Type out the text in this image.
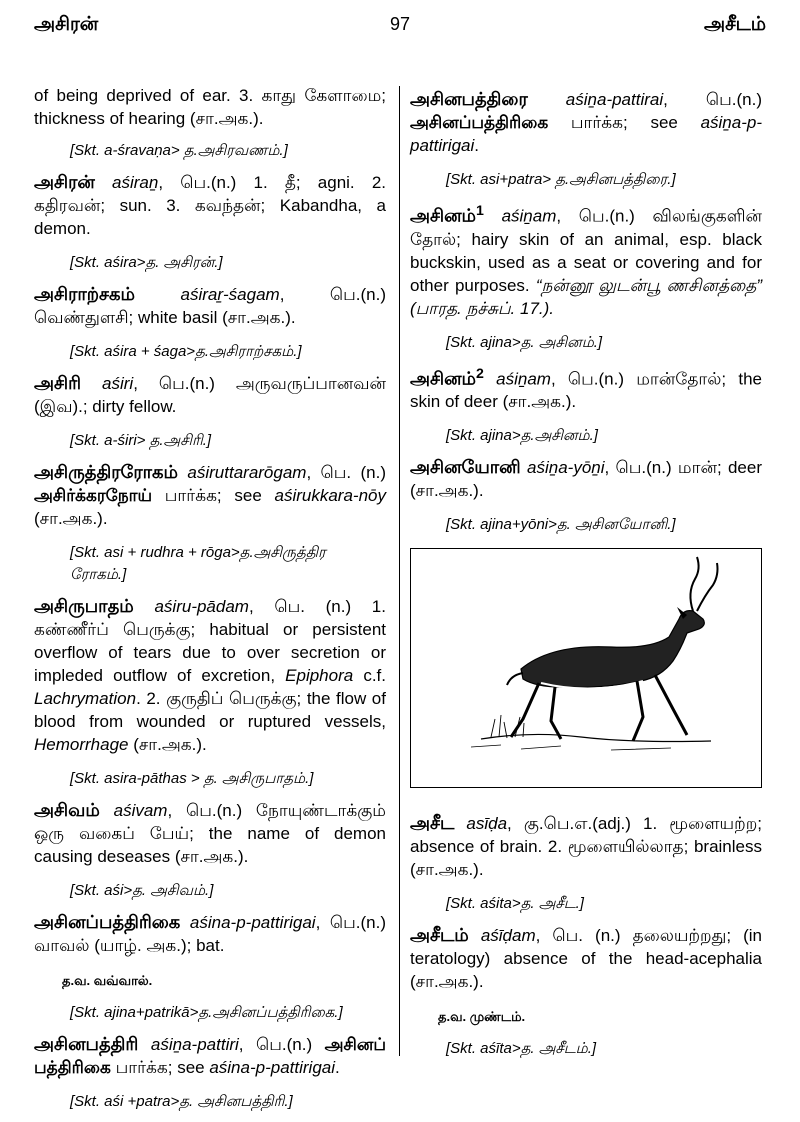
அசிரன்	97	அசீடம்
of being deprived of ear. 3. காது கேளாமை; thickness of hearing (சா.அக.).
[Skt. a-śravaṇa> த.அசிரவணம்.]
அசிரன் aśiraṉ, பெ.(n.) 1. தீ; agni. 2. கதிரவன்; sun. 3. கவந்தன்; Kabandha, a demon.
[Skt. aśira>த. அசிரன்.]
அசிராற்சகம்	aśiraṟ-śagam, பெ.(n.) வெண்துளசி; white basil (சா.அக.).
[Skt. aśira + śaga>த.அசிராற்சகம்.]
அசிரி aśiri, பெ.(n.) அருவருப்பானவன் (இவ).; dirty fellow.
[Skt. a-śiri> த.அசிரி.]
அசிருத்திரரோகம் aśiruttararōgam, பெ. (n.) அசிர்க்கரநோய் பார்க்க; see aśirukkara-nōy (சா.அக.).
[Skt. asi + rudhra + rōga>த.அசிருத்திர ரோகம்.]
அசிருபாதம் aśiru-pādam, பெ. (n.) 1. கண்ணீர்ப் பெருக்கு; habitual or persistent overflow of tears due to over secretion or impleded outflow of excretion, Epiphora c.f. Lachrymation. 2. குருதிப் பெருக்கு; the flow of blood from wounded or ruptured vessels, Hemorrhage (சா.அக.).
[Skt. asira-pāthas > த. அசிருபாதம்.]
அசிவம் aśivam, பெ.(n.) நோயுண்டாக்கும் ஒரு வகைப் பேய்; the name of demon causing deseases (சா.அக.).
[Skt. aśi>த. அசிவம்.]
அசினப்பத்திரிகை aśina-p-pattirigai, பெ.(n.) வாவல் (யாழ். அக.); bat.
த.வ. வவ்வால்.
[Skt. ajina+patrikā>த.அசினப்பத்திரிகை.]
அசினபத்திரி aśiṉa-pattiri, பெ.(n.) அசினப் பத்திரிகை பார்க்க; see aśina-p-pattirigai.
[Skt. aśi +patra>த. அசினபத்திரி.]
அசினபத்திரை aśiṉa-pattirai, பெ.(n.) அசினப்பத்திரிகை பார்க்க; see aśiṉa-p-pattirigai.
[Skt. asi+patra> த.அசினபத்திரை.]
அசினம்$^1$ aśiṉam, பெ.(n.) விலங்குகளின் தோல்; hairy skin of an animal, esp. black buckskin, used as a seat or covering and for other purposes. “நன்னூ லுடன்பூ ணசினத்தை” (பாரத. நச்சுப். 17.).
[Skt. ajina>த. அசினம்.]
அசினம்$^2$ aśiṉam, பெ.(n.) மான்தோல்; the skin of deer (சா.அக.).
[Skt. ajina>த.அசினம்.]
அசினயோனி aśiṉa-yōṉi, பெ.(n.) மான்; deer (சா.அக.).
[Skt. ajina+yōni>த. அசினயோனி.]
அசீட asīḍa, கு.பெ.எ.(adj.) 1. மூளையற்ற; absence of brain. 2. மூளையில்லாத; brainless (சா.அக.).
[Skt. aśita>த. அசீட.]
அசீடம் aśīḍam, பெ. (n.) தலையற்றது; (in teratology) absence of the head-acephalia (சா.அக.).
த.வ. முண்டம்.
[Skt. aśīta>த. அசீடம்.]
